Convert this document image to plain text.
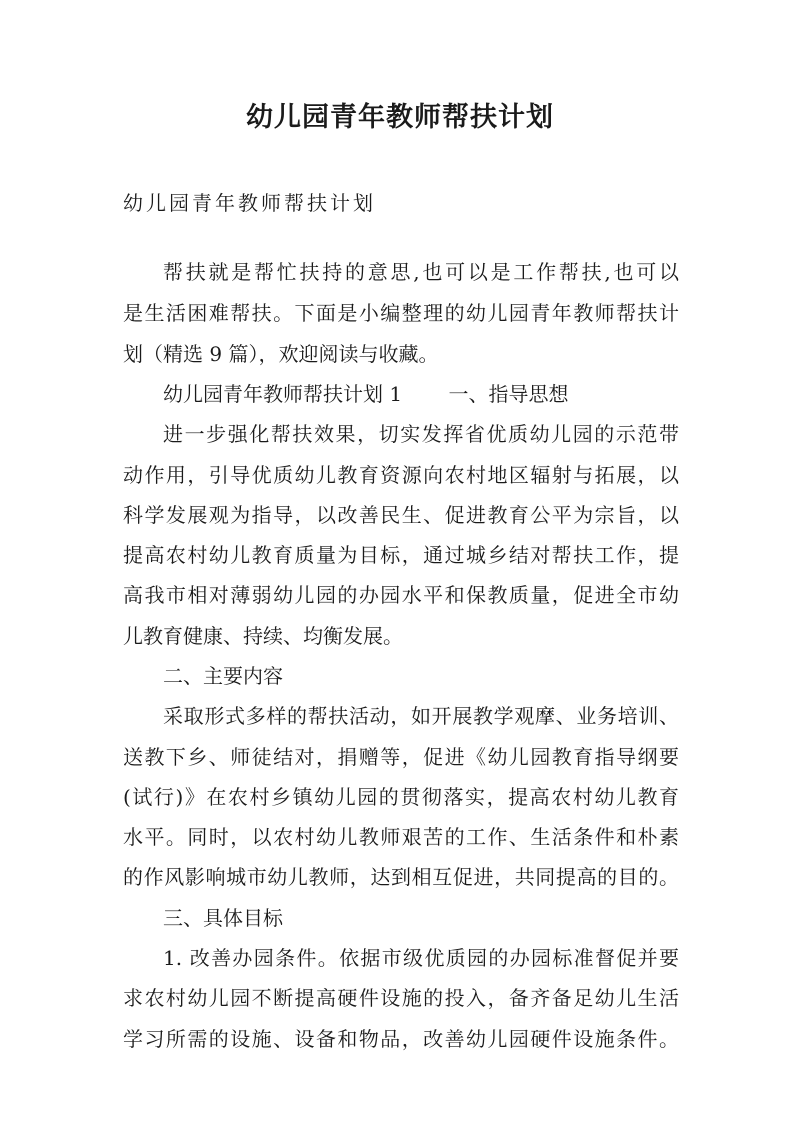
幼儿园青年教师帮扶计划
幼儿园青年教师帮扶计划
帮扶就是帮忙扶持的意思,也可以是工作帮扶,也可以
是生活困难帮扶。下面是小编整理的幼儿园青年教师帮扶计
划（精选 9 篇），欢迎阅读与收藏。
幼儿园青年教师帮扶计划 1　　 一、指导思想
进一步强化帮扶效果，切实发挥省优质幼儿园的示范带
动作用，引导优质幼儿教育资源向农村地区辐射与拓展，以
科学发展观为指导，以改善民生、促进教育公平为宗旨，以
提高农村幼儿教育质量为目标，通过城乡结对帮扶工作，提
高我市相对薄弱幼儿园的办园水平和保教质量，促进全市幼
儿教育健康、持续、均衡发展。
二、主要内容
采取形式多样的帮扶活动，如开展教学观摩、业务培训、
送教下乡、师徒结对，捐赠等，促进《幼儿园教育指导纲要
(试行)》在农村乡镇幼儿园的贯彻落实，提高农村幼儿教育
水平。同时，以农村幼儿教师艰苦的工作、生活条件和朴素
的作风影响城市幼儿教师，达到相互促进，共同提高的目的。
三、具体目标
1. 改善办园条件。依据市级优质园的办园标准督促并要
求农村幼儿园不断提高硬件设施的投入，备齐备足幼儿生活
学习所需的设施、设备和物品，改善幼儿园硬件设施条件。
